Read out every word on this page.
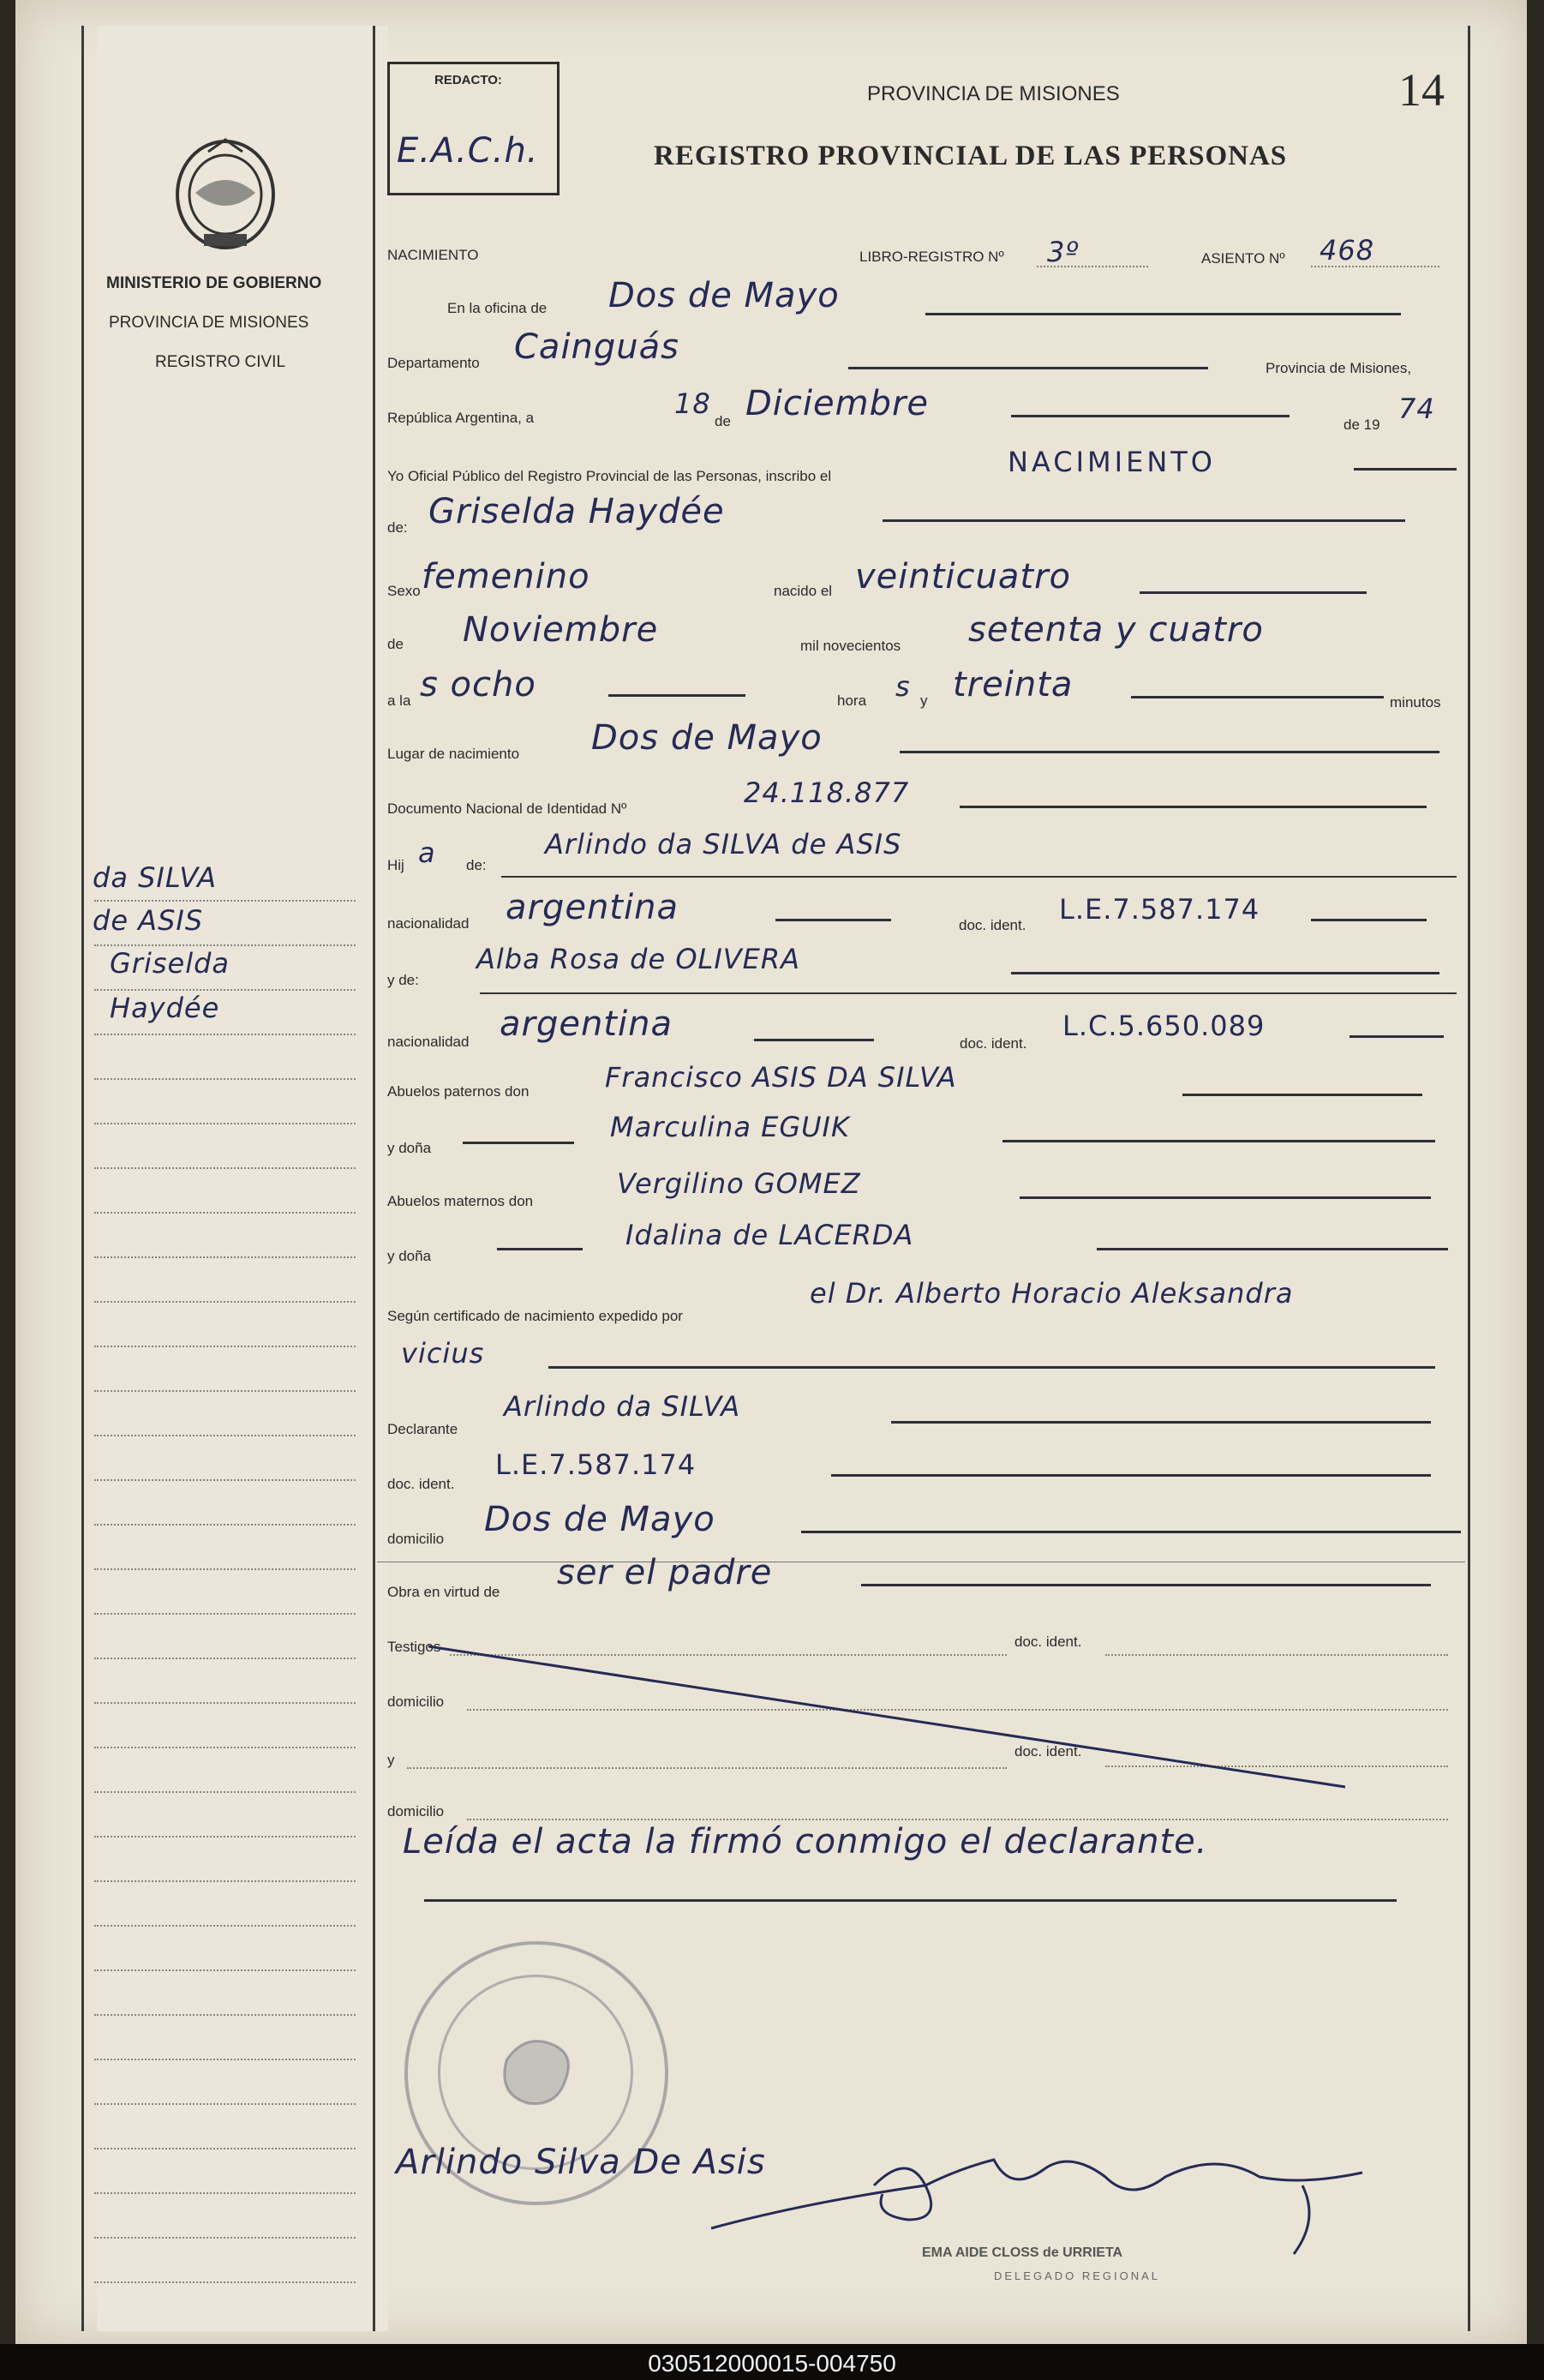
MINISTERIO DE GOBIERNO
PROVINCIA DE MISIONES
REGISTRO CIVIL
da SILVA
de ASIS
Griselda
Haydée
REDACTO:
E.A.C.h.
PROVINCIA DE MISIONES
REGISTRO PROVINCIAL DE LAS PERSONAS
14
NACIMIENTO	LIBRO-REGISTRO Nº 3º	ASIENTO Nº 468
En la oficina de Dos de Mayo
Departamento Cainguás
Provincia de Misiones,
República Argentina, a	18
de Diciembre
de 19 74
Yo Oficial Público del Registro Provincial de las Personas, inscribo el	NACIMIENTO
de: Griselda Haydée
Sexo femenino	nacido el veinticuatro
de Noviembre	mil novecientos setenta y cuatro
a la s ocho	hora s y treinta	minutos
Lugar de nacimiento Dos de Mayo
Documento Nacional de Identidad Nº	24.118.877
Hij a de:
Arlindo da SILVA de ASIS
nacionalidad argentina	doc. ident. L.E.7.587.174
y de:
Alba Rosa de OLIVERA
nacionalidad argentina	doc. ident.
L.C.5.650.089
Abuelos paternos don	Francisco ASIS DA SILVA
y doña
Marculina EGUIK
Abuelos maternos don
Vergilino GOMEZ
y doña
Idalina de LACERDA
Según certificado de nacimiento expedido por
el Dr. Alberto Horacio Aleksandra
vicius
Declarante
Arlindo da SILVA
doc. ident.
L.E.7.587.174
domicilio Dos de Mayo
Obra en virtud de ser el padre
Testigos	doc. ident.
domicilio
y
doc. ident.
domicilio
Leída el acta la firmó conmigo el declarante.
Arlindo Silva De Asis
EMA AIDE CLOSS de URRIETA
DELEGADO REGIONAL
030512000015-004750
